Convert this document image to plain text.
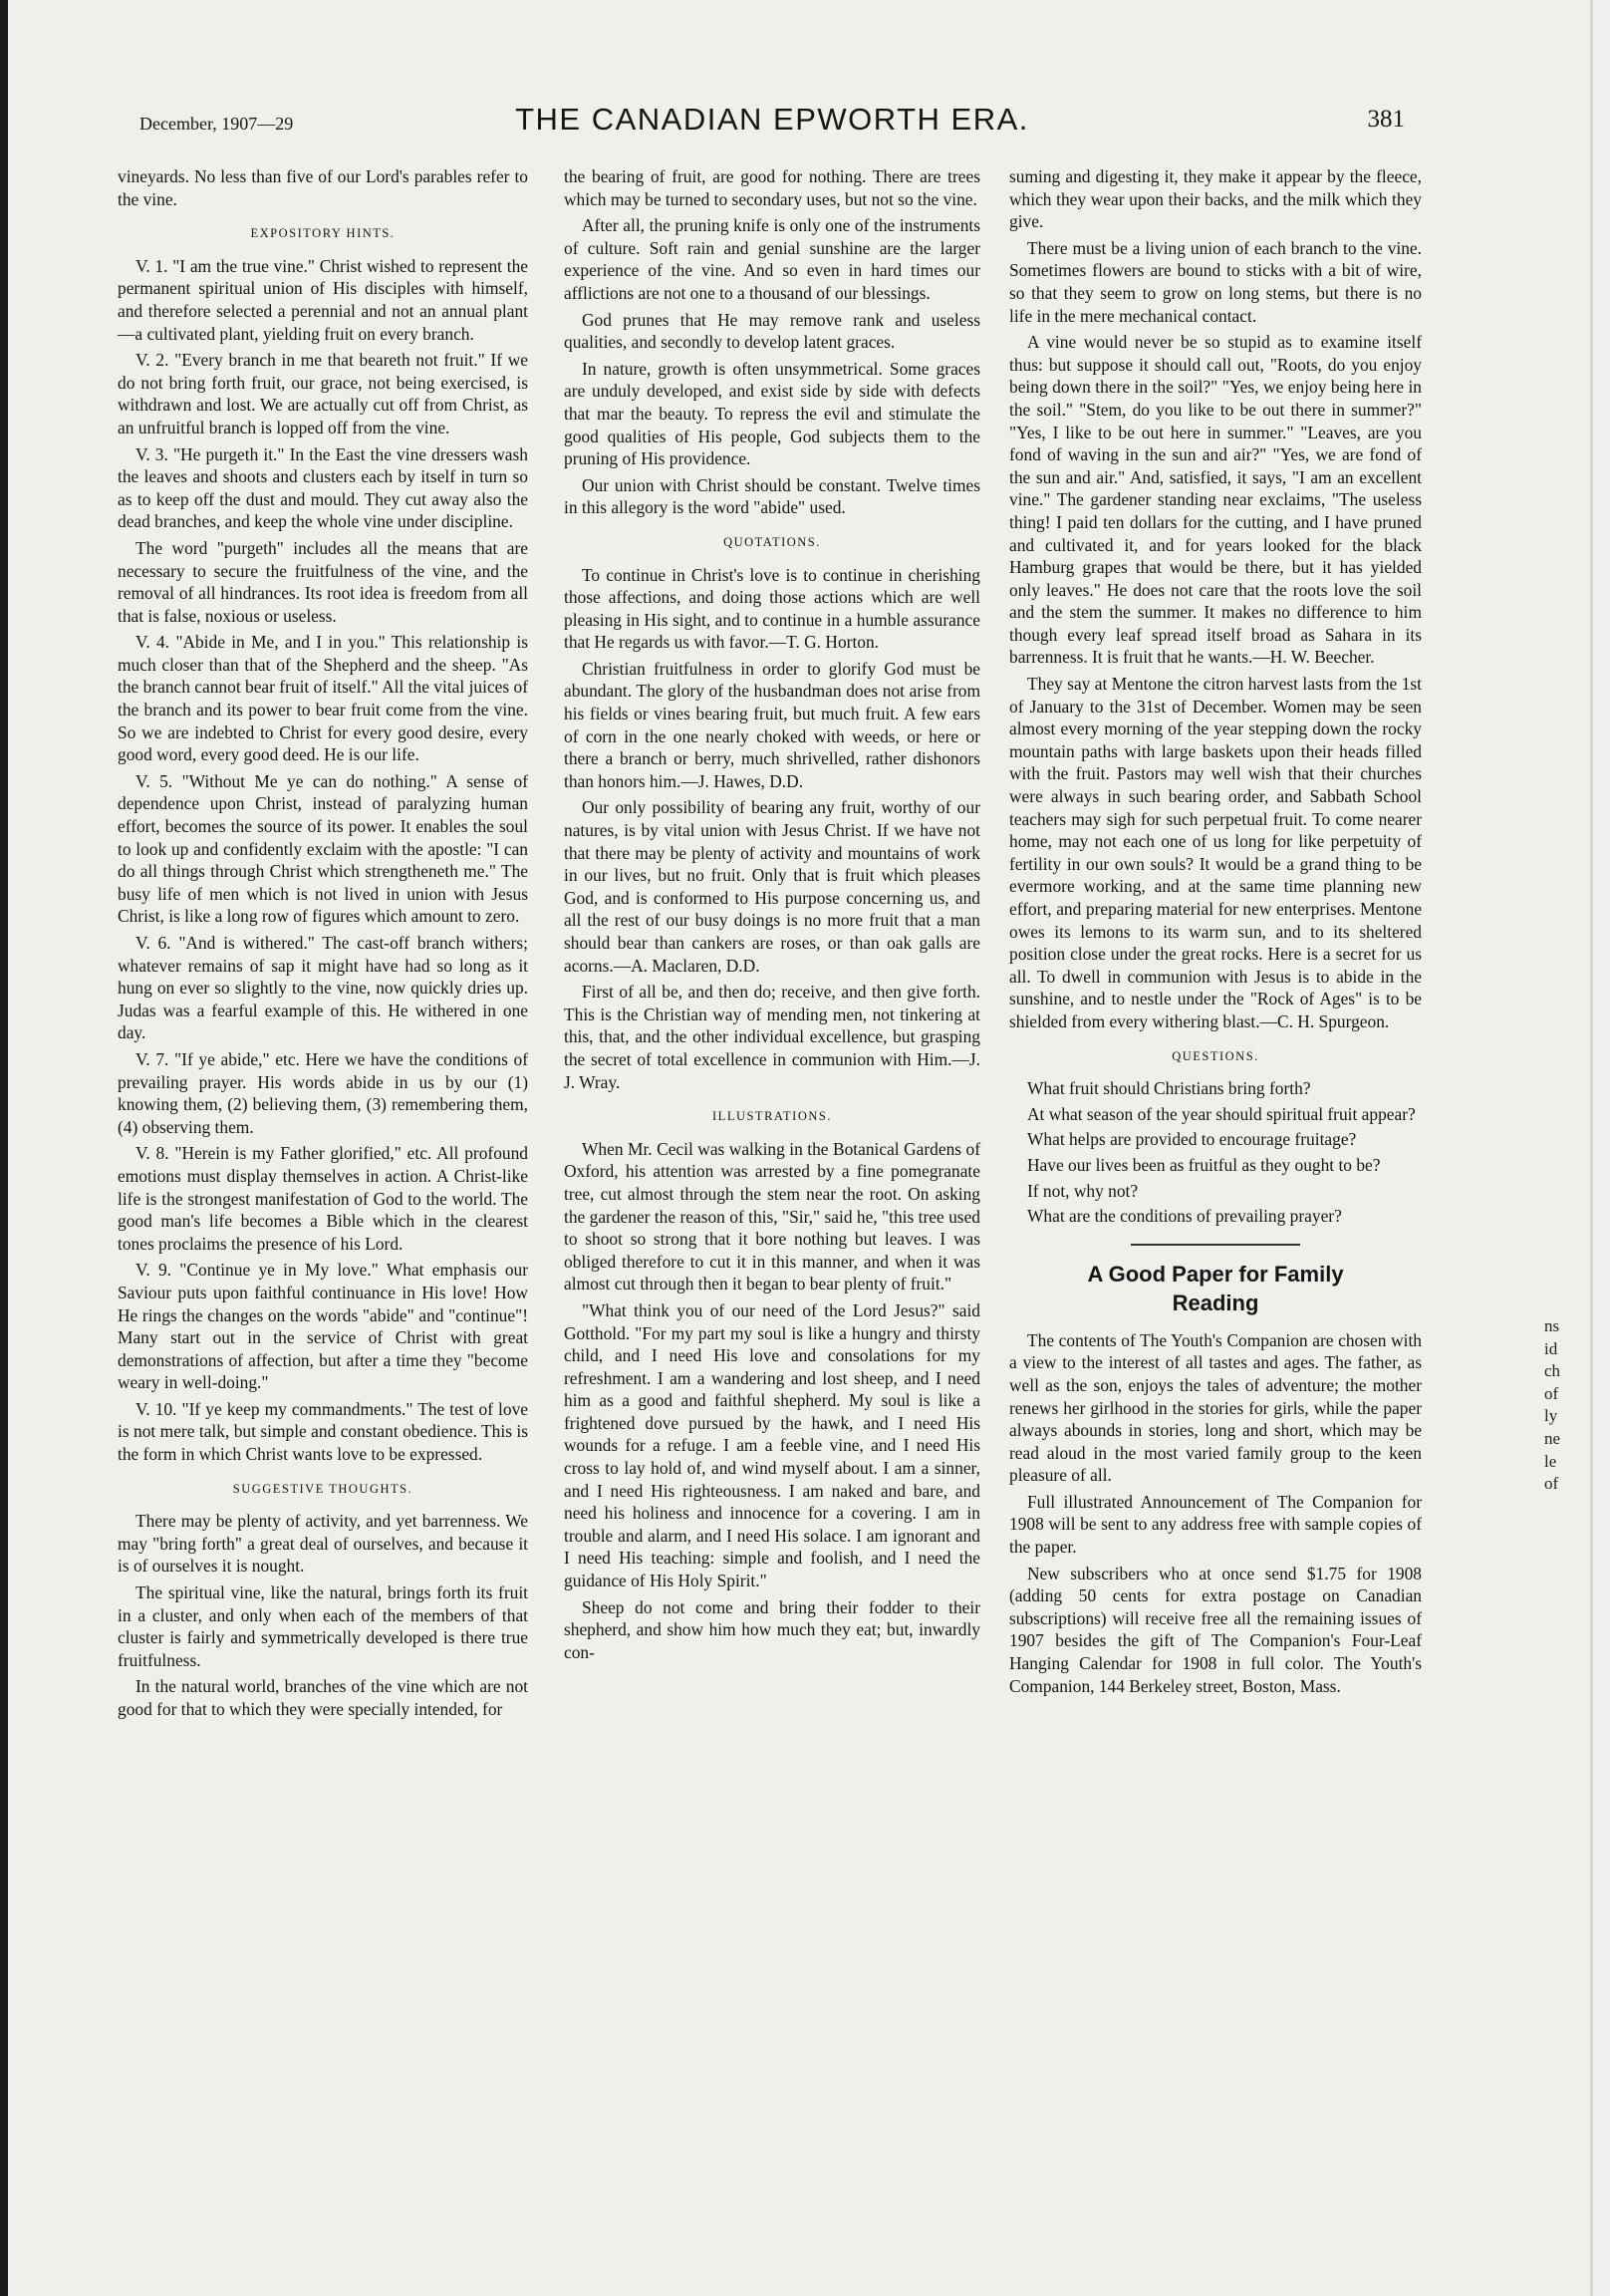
December, 1907—29	THE CANADIAN EPWORTH ERA.	381

vineyards. No less than five of our Lord's parables refer to the vine.

EXPOSITORY HINTS.

V. 1. "I am the true vine." Christ wished to represent the permanent spiritual union of His disciples with himself, and therefore selected a perennial and not an annual plant—a cultivated plant, yielding fruit on every branch.

V. 2. "Every branch in me that beareth not fruit." If we do not bring forth fruit, our grace, not being exercised, is withdrawn and lost. We are actually cut off from Christ, as an unfruitful branch is lopped off from the vine.

V. 3. "He purgeth it." In the East the vine dressers wash the leaves and shoots and clusters each by itself in turn so as to keep off the dust and mould. They cut away also the dead branches, and keep the whole vine under discipline.

The word "purgeth" includes all the means that are necessary to secure the fruitfulness of the vine, and the removal of all hindrances. Its root idea is freedom from all that is false, noxious or useless.

V. 4. "Abide in Me, and I in you." This relationship is much closer than that of the Shepherd and the sheep. "As the branch cannot bear fruit of itself." All the vital juices of the branch and its power to bear fruit come from the vine. So we are indebted to Christ for every good desire, every good word, every good deed. He is our life.

V. 5. "Without Me ye can do nothing." A sense of dependence upon Christ, instead of paralyzing human effort, becomes the source of its power. It enables the soul to look up and confidently exclaim with the apostle: "I can do all things through Christ which strengtheneth me." The busy life of men which is not lived in union with Jesus Christ, is like a long row of figures which amount to zero.

V. 6. "And is withered." The cast-off branch withers; whatever remains of sap it might have had so long as it hung on ever so slightly to the vine, now quickly dries up. Judas was a fearful example of this. He withered in one day.

V. 7. "If ye abide," etc. Here we have the conditions of prevailing prayer. His words abide in us by our (1) knowing them, (2) believing them, (3) remembering them, (4) observing them.

V. 8. "Herein is my Father glorified," etc. All profound emotions must display themselves in action. A Christ-like life is the strongest manifestation of God to the world. The good man's life becomes a Bible which in the clearest tones proclaims the presence of his Lord.

V. 9. "Continue ye in My love." What emphasis our Saviour puts upon faithful continuance in His love! How He rings the changes on the words "abide" and "continue"! Many start out in the service of Christ with great demonstrations of affection, but after a time they "become weary in well-doing."

V. 10. "If ye keep my commandments." The test of love is not mere talk, but simple and constant obedience. This is the form in which Christ wants love to be expressed.

SUGGESTIVE THOUGHTS.

There may be plenty of activity, and yet barrenness. We may "bring forth" a great deal of ourselves, and because it is of ourselves it is nought.

The spiritual vine, like the natural, brings forth its fruit in a cluster, and only when each of the members of that cluster is fairly and symmetrically developed is there true fruitfulness.

In the natural world, branches of the vine which are not good for that to which they were specially intended, for

the bearing of fruit, are good for nothing. There are trees which may be turned to secondary uses, but not so the vine.

After all, the pruning knife is only one of the instruments of culture. Soft rain and genial sunshine are the larger experience of the vine. And so even in hard times our afflictions are not one to a thousand of our blessings.

God prunes that He may remove rank and useless qualities, and secondly to develop latent graces.

In nature, growth is often unsymmetrical. Some graces are unduly developed, and exist side by side with defects that mar the beauty. To repress the evil and stimulate the good qualities of His people, God subjects them to the pruning of His providence.

Our union with Christ should be constant. Twelve times in this allegory is the word "abide" used.

QUOTATIONS.

To continue in Christ's love is to continue in cherishing those affections, and doing those actions which are well pleasing in His sight, and to continue in a humble assurance that He regards us with favor.—T. G. Horton.

Christian fruitfulness in order to glorify God must be abundant. The glory of the husbandman does not arise from his fields or vines bearing fruit, but much fruit. A few ears of corn in the one nearly choked with weeds, or here or there a branch or berry, much shrivelled, rather dishonors than honors him.—J. Hawes, D.D.

Our only possibility of bearing any fruit, worthy of our natures, is by vital union with Jesus Christ. If we have not that there may be plenty of activity and mountains of work in our lives, but no fruit. Only that is fruit which pleases God, and is conformed to His purpose concerning us, and all the rest of our busy doings is no more fruit that a man should bear than cankers are roses, or than oak galls are acorns.—A. Maclaren, D.D.

First of all be, and then do; receive, and then give forth. This is the Christian way of mending men, not tinkering at this, that, and the other individual excellence, but grasping the secret of total excellence in communion with Him.—J. J. Wray.

ILLUSTRATIONS.

When Mr. Cecil was walking in the Botanical Gardens of Oxford, his attention was arrested by a fine pomegranate tree, cut almost through the stem near the root. On asking the gardener the reason of this, "Sir," said he, "this tree used to shoot so strong that it bore nothing but leaves. I was obliged therefore to cut it in this manner, and when it was almost cut through then it began to bear plenty of fruit."

"What think you of our need of the Lord Jesus?" said Gotthold. "For my part my soul is like a hungry and thirsty child, and I need His love and consolations for my refreshment. I am a wandering and lost sheep, and I need him as a good and faithful shepherd. My soul is like a frightened dove pursued by the hawk, and I need His wounds for a refuge. I am a feeble vine, and I need His cross to lay hold of, and wind myself about. I am a sinner, and I need His righteousness. I am naked and bare, and need his holiness and innocence for a covering. I am in trouble and alarm, and I need His solace. I am ignorant and I need His teaching: simple and foolish, and I need the guidance of His Holy Spirit."

Sheep do not come and bring their fodder to their shepherd, and show him how much they eat; but, inwardly con-

suming and digesting it, they make it appear by the fleece, which they wear upon their backs, and the milk which they give.

There must be a living union of each branch to the vine. Sometimes flowers are bound to sticks with a bit of wire, so that they seem to grow on long stems, but there is no life in the mere mechanical contact.

A vine would never be so stupid as to examine itself thus: but suppose it should call out, "Roots, do you enjoy being down there in the soil?" "Yes, we enjoy being here in the soil." "Stem, do you like to be out there in summer?" "Yes, I like to be out here in summer." "Leaves, are you fond of waving in the sun and air?" "Yes, we are fond of the sun and air." And, satisfied, it says, "I am an excellent vine." The gardener standing near exclaims, "The useless thing! I paid ten dollars for the cutting, and I have pruned and cultivated it, and for years looked for the black Hamburg grapes that would be there, but it has yielded only leaves." He does not care that the roots love the soil and the stem the summer. It makes no difference to him though every leaf spread itself broad as Sahara in its barrenness. It is fruit that he wants.—H. W. Beecher.

They say at Mentone the citron harvest lasts from the 1st of January to the 31st of December. Women may be seen almost every morning of the year stepping down the rocky mountain paths with large baskets upon their heads filled with the fruit. Pastors may well wish that their churches were always in such bearing order, and Sabbath School teachers may sigh for such perpetual fruit. To come nearer home, may not each one of us long for like perpetuity of fertility in our own souls? It would be a grand thing to be evermore working, and at the same time planning new effort, and preparing material for new enterprises. Mentone owes its lemons to its warm sun, and to its sheltered position close under the great rocks. Here is a secret for us all. To dwell in communion with Jesus is to abide in the sunshine, and to nestle under the "Rock of Ages" is to be shielded from every withering blast.—C. H. Spurgeon.

QUESTIONS.

What fruit should Christians bring forth?

At what season of the year should spiritual fruit appear?

What helps are provided to encourage fruitage?

Have our lives been as fruitful as they ought to be?

If not, why not?

What are the conditions of prevailing prayer?

A Good Paper for Family
Reading

The contents of The Youth's Companion are chosen with a view to the interest of all tastes and ages. The father, as well as the son, enjoys the tales of adventure; the mother renews her girlhood in the stories for girls, while the paper always abounds in stories, long and short, which may be read aloud in the most varied family group to the keen pleasure of all.

Full illustrated Announcement of The Companion for 1908 will be sent to any address free with sample copies of the paper.

New subscribers who at once send $1.75 for 1908 (adding 50 cents for extra postage on Canadian subscriptions) will receive free all the remaining issues of 1907 besides the gift of The Companion's Four-Leaf Hanging Calendar for 1908 in full color. The Youth's Companion, 144 Berkeley street, Boston, Mass.

ns
id
ch
of
ly
ne
le
of
